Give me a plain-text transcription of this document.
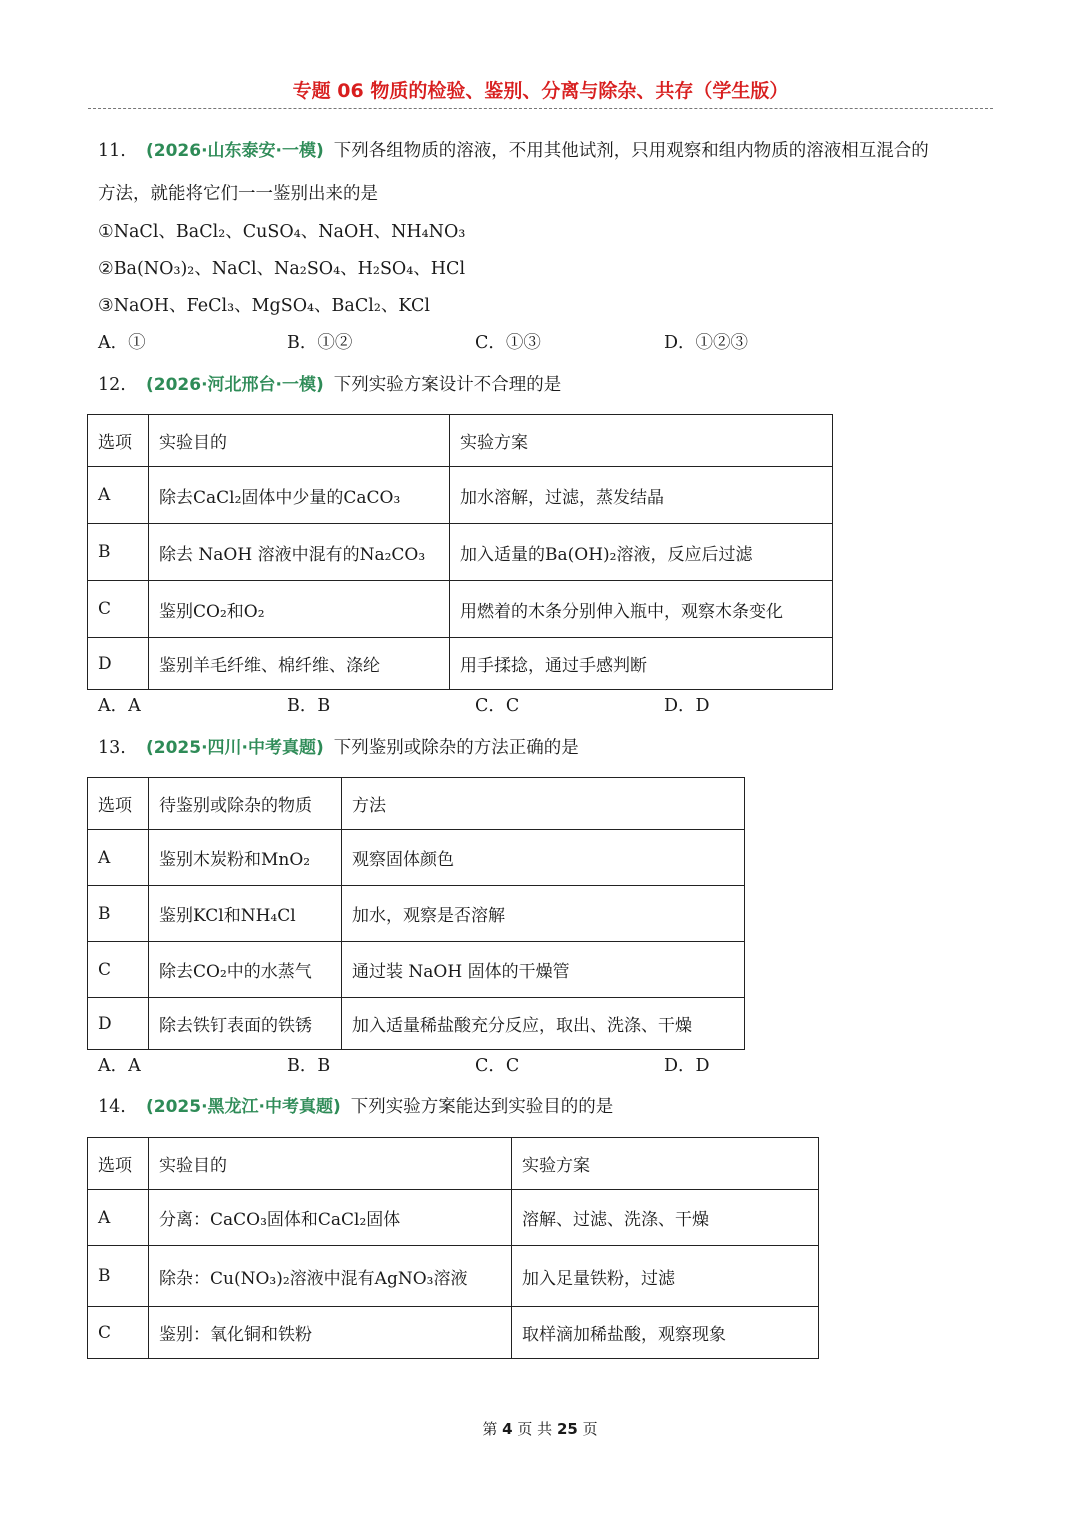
专题 06 物质的检验、鉴别、分离与除杂、共存（学生版）
11. (2026·山东泰安·一模) 下列各组物质的溶液，不用其他试剂，只用观察和组内物质的溶液相互混合的
方法，就能将它们一一鉴别出来的是
①NaCl、BaCl₂、CuSO₄、NaOH、NH₄NO₃
②Ba(NO₃)₂、NaCl、Na₂SO₄、H₂SO₄、HCl
③NaOH、FeCl₃、MgSO₄、BaCl₂、KCl
A．①	B．①②	C．①③	D．①②③
12. (2026·河北邢台·一模) 下列实验方案设计不合理的是
选项	实验目的	实验方案
A	除去CaCl₂固体中少量的CaCO₃	加水溶解，过滤，蒸发结晶
B	除去 NaOH 溶液中混有的Na₂CO₃	加入适量的Ba(OH)₂溶液，反应后过滤
C	鉴别CO₂和O₂	用燃着的木条分别伸入瓶中，观察木条变化
D	鉴别羊毛纤维、棉纤维、涤纶	用手揉捻，通过手感判断
A．A	B．B	C．C	D．D
13. (2025·四川·中考真题) 下列鉴别或除杂的方法正确的是
选项	待鉴别或除杂的物质	方法
A	鉴别木炭粉和MnO₂	观察固体颜色
B	鉴别KCl和NH₄Cl	加水，观察是否溶解
C	除去CO₂中的水蒸气	通过装 NaOH 固体的干燥管
D	除去铁钉表面的铁锈	加入适量稀盐酸充分反应，取出、洗涤、干燥
A．A	B．B	C．C	D．D
14. (2025·黑龙江·中考真题) 下列实验方案能达到实验目的的是
选项	实验目的	实验方案
A	分离：CaCO₃固体和CaCl₂固体	溶解、过滤、洗涤、干燥
B	除杂：Cu(NO₃)₂溶液中混有AgNO₃溶液	加入足量铁粉，过滤
C	鉴别：氧化铜和铁粉	取样滴加稀盐酸，观察现象
第 4 页 共 25 页
